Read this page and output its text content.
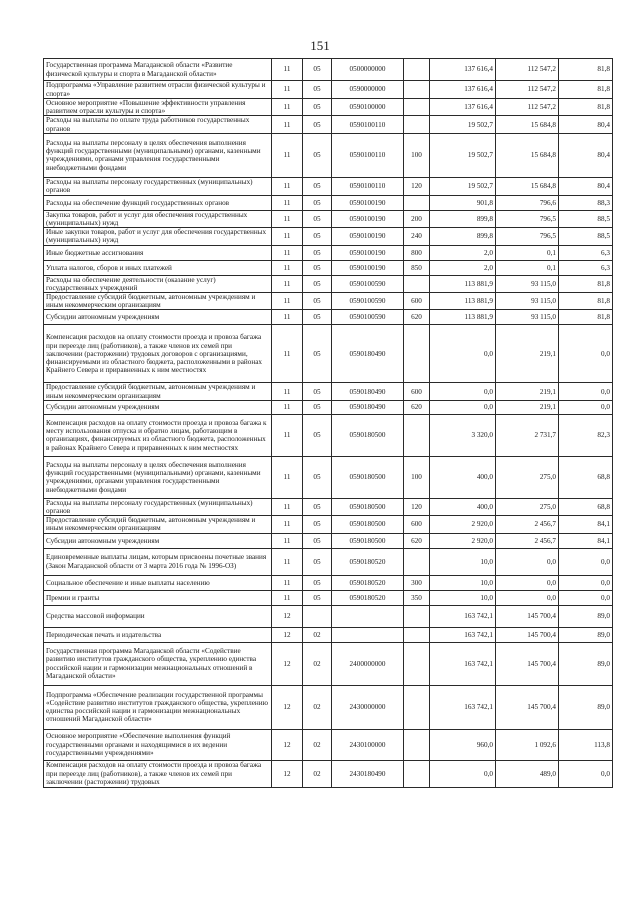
151
Государственная программа Магаданской области «Развитие физической культуры и спорта в Магаданской области»	11	05	0500000000		137 616,4	112 547,2	81,8
Подпрограмма «Управление развитием отрасли физической культуры и спорта»	11	05	0590000000		137 616,4	112 547,2	81,8
Основное мероприятие «Повышение эффективности управления развитием отрасли культуры и спорта»	11	05	0590100000		137 616,4	112 547,2	81,8
Расходы на выплаты по оплате труда работников государственных органов	11	05	0590100110		19 502,7	15 684,8	80,4
Расходы на выплаты персоналу в целях обеспечения выполнения функций государственными (муниципальными) органами, казенными учреждениями, органами управления государственными внебюджетными фондами	11	05	0590100110	100	19 502,7	15 684,8	80,4
Расходы на выплаты персоналу государственных (муниципальных) органов	11	05	0590100110	120	19 502,7	15 684,8	80,4
Расходы на обеспечение функций государственных органов	11	05	0590100190		901,8	796,6	88,3
Закупка товаров, работ и услуг для обеспечения государственных (муниципальных) нужд	11	05	0590100190	200	899,8	796,5	88,5
Иные закупки товаров, работ и услуг для обеспечения государственных (муниципальных) нужд	11	05	0590100190	240	899,8	796,5	88,5
Иные бюджетные ассигнования	11	05	0590100190	800	2,0	0,1	6,3
Уплата налогов, сборов и иных платежей	11	05	0590100190	850	2,0	0,1	6,3
Расходы на обеспечение деятельности (оказание услуг) государственных учреждений	11	05	0590100590		113 881,9	93 115,0	81,8
Предоставление субсидий бюджетным, автономным учреждениям и иным некоммерческим организациям	11	05	0590100590	600	113 881,9	93 115,0	81,8
Субсидии автономным учреждениям	11	05	0590100590	620	113 881,9	93 115,0	81,8
Компенсация расходов на оплату стоимости проезда и провоза багажа при переезде лиц (работников), а также членов их семей при заключении (расторжении) трудовых договоров с организациями, финансируемыми из областного бюджета, расположенными в районах Крайнего Севера и приравненных к ним местностях	11	05	0590180490		0,0	219,1	0,0
Предоставление субсидий бюджетным, автономным учреждениям и иным некоммерческим организациям	11	05	0590180490	600	0,0	219,1	0,0
Субсидии автономным учреждениям	11	05	0590180490	620	0,0	219,1	0,0
Компенсация расходов на оплату стоимости проезда и провоза багажа к месту использования отпуска и обратно лицам, работающим в организациях, финансируемых из областного бюджета, расположенных в районах Крайнего Севера и приравненных к ним местностях	11	05	0590180500		3 320,0	2 731,7	82,3
Расходы на выплаты персоналу в целях обеспечения выполнения функций государственными (муниципальными) органами, казенными учреждениями, органами управления государственными внебюджетными фондами	11	05	0590180500	100	400,0	275,0	68,8
Расходы на выплаты персоналу государственных (муниципальных) органов	11	05	0590180500	120	400,0	275,0	68,8
Предоставление субсидий бюджетным, автономным учреждениям и иным некоммерческим организациям	11	05	0590180500	600	2 920,0	2 456,7	84,1
Субсидии автономным учреждениям	11	05	0590180500	620	2 920,0	2 456,7	84,1
Единовременные выплаты лицам, которым присвоены почетные звания (Закон Магаданской области от 3 марта 2016 года № 1996-ОЗ)	11	05	0590180520		10,0	0,0	0,0
Социальное обеспечение и иные выплаты населению	11	05	0590180520	300	10,0	0,0	0,0
Премии и гранты	11	05	0590180520	350	10,0	0,0	0,0
Средства массовой информации	12				163 742,1	145 700,4	89,0
Периодическая печать и издательства	12	02			163 742,1	145 700,4	89,0
Государственная программа Магаданской области «Содействие развитию институтов гражданского общества, укреплению единства российской нации и гармонизации межнациональных отношений в Магаданской области»	12	02	2400000000		163 742,1	145 700,4	89,0
Подпрограмма «Обеспечение реализации государственной программы «Содействие развитию институтов гражданского общества, укреплению единства российской нации и гармонизации межнациональных отношений Магаданской области»	12	02	2430000000		163 742,1	145 700,4	89,0
Основное мероприятие «Обеспечение выполнения функций государственными органами и находящимися в их ведении государственными учреждениями»	12	02	2430100000		960,0	1 092,6	113,8
Компенсация расходов на оплату стоимости проезда и провоза багажа при переезде лиц (работников), а также членов их семей при заключении (расторжении) трудовых	12	02	2430180490		0,0	489,0	0,0
